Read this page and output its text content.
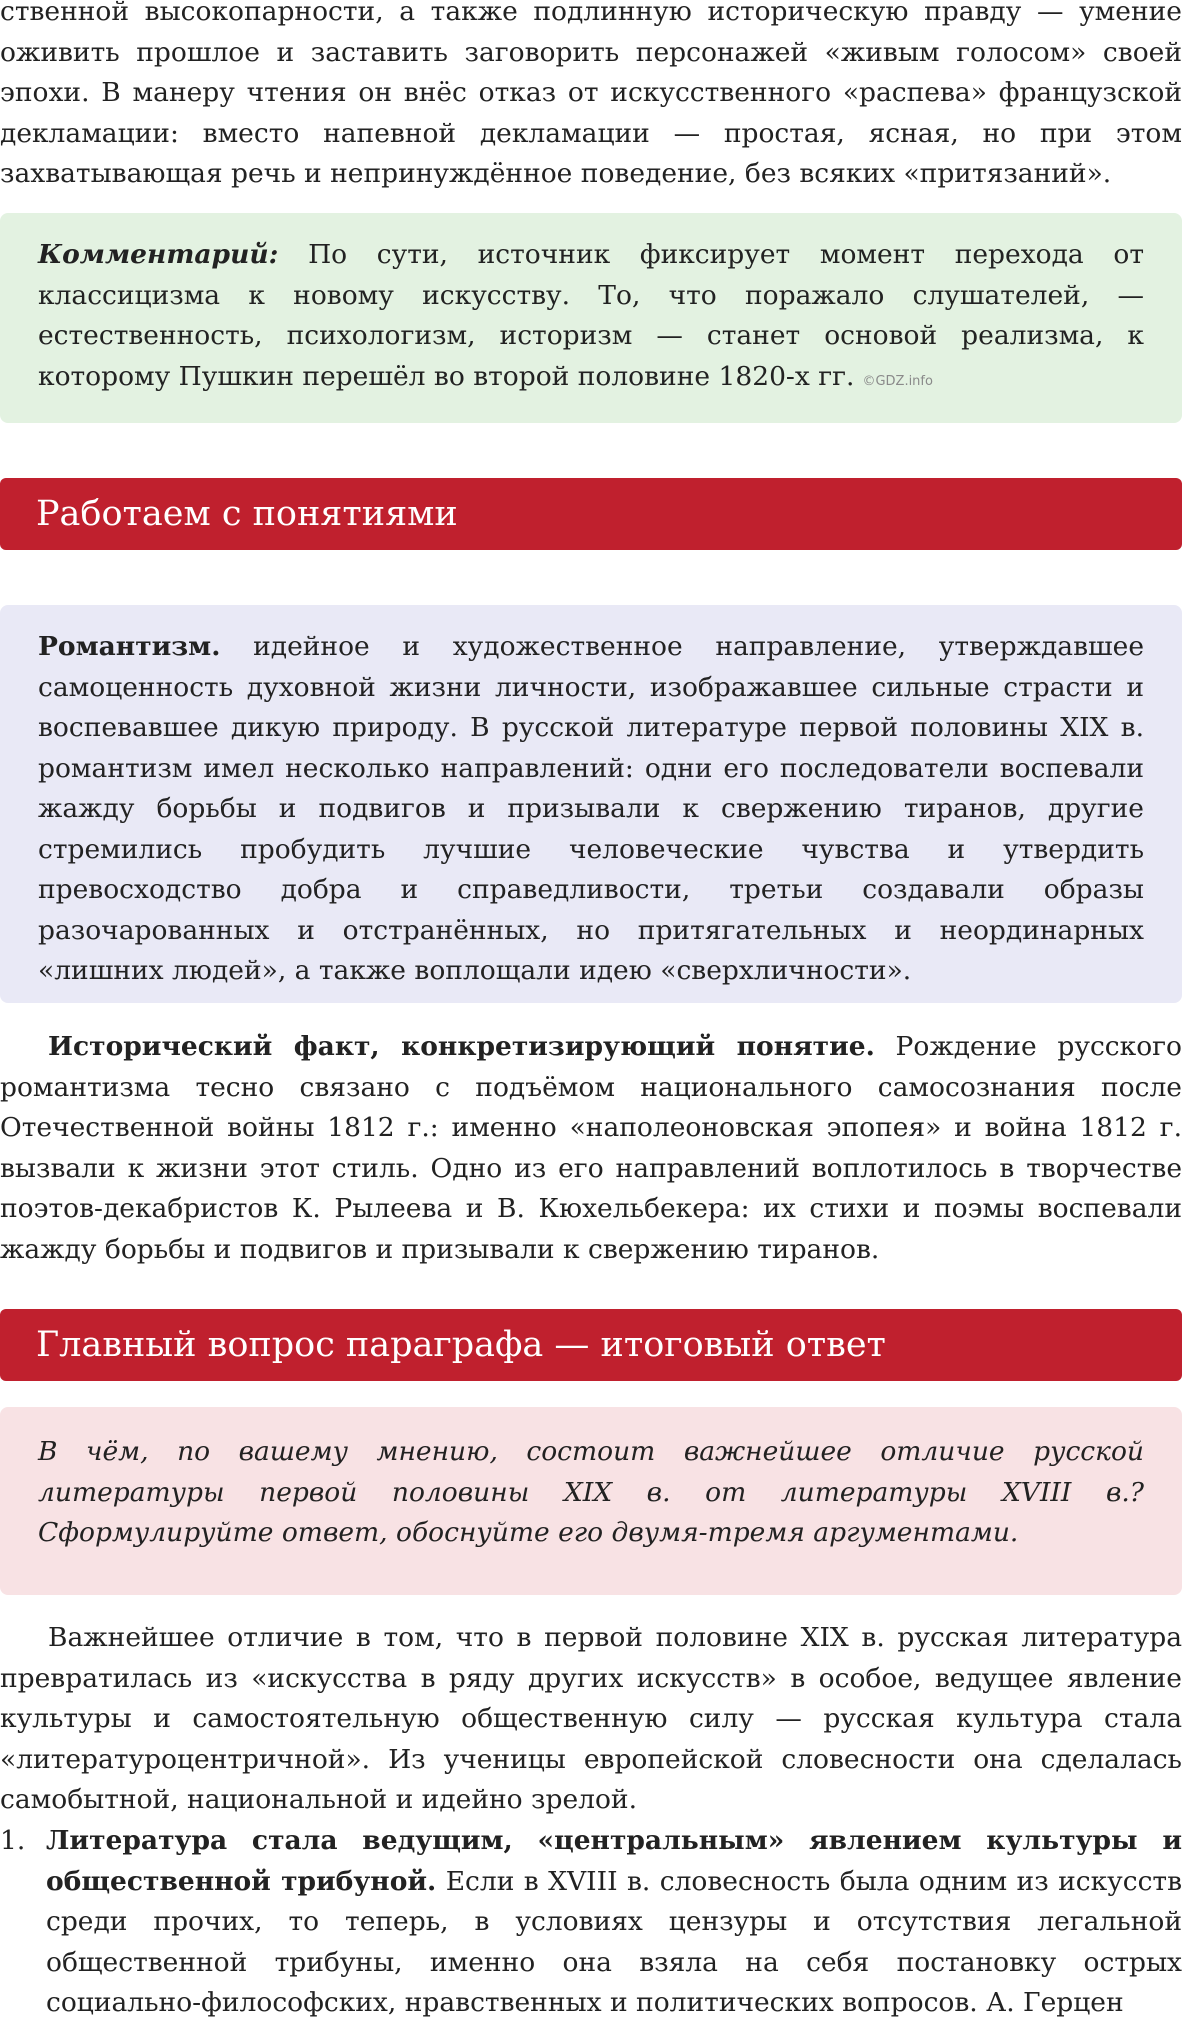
ственной высокопарности, а также подлинную историческую правду — умение оживить прошлое и заставить заговорить персонажей «живым голосом» своей эпохи. В манеру чтения он внёс отказ от искусственного «распева» французской декламации: вместо напевной декламации — простая, ясная, но при этом захватывающая речь и непринуждённое поведение, без всяких «притязаний».

Комментарий: По сути, источник фиксирует момент перехода от классицизма к новому искусству. То, что поражало слушателей, — естественность, психологизм, историзм — станет основой реализма, к которому Пушкин перешёл во второй половине 1820-х гг. ©GDZ.info

Работаем с понятиями

Романтизм. идейное и художественное направление, утверждавшее самоценность духовной жизни личности, изображавшее сильные страсти и воспевавшее дикую природу. В русской литературе первой половины XIX в. романтизм имел несколько направлений: одни его последователи воспевали жажду борьбы и подвигов и призывали к свержению тиранов, другие стремились пробудить лучшие человеческие чувства и утвердить превосходство добра и справедливости, третьи создавали образы разочарованных и отстранённых, но притягательных и неординарных «лишних людей», а также воплощали идею «сверхличности».

Исторический факт, конкретизирующий понятие. Рождение русского романтизма тесно связано с подъёмом национального самосознания после Отечественной войны 1812 г.: именно «наполеоновская эпопея» и война 1812 г. вызвали к жизни этот стиль. Одно из его направлений воплотилось в творчестве поэтов-декабристов К. Рылеева и В. Кюхельбекера: их стихи и поэмы воспевали жажду борьбы и подвигов и призывали к свержению тиранов.

Главный вопрос параграфа — итоговый ответ

В чём, по вашему мнению, состоит важнейшее отличие русской литературы первой половины XIX в. от литературы XVIII в.? Сформулируйте ответ, обоснуйте его двумя-тремя аргументами.

Важнейшее отличие в том, что в первой половине XIX в. русская литература превратилась из «искусства в ряду других искусств» в особое, ведущее явление культуры и самостоятельную общественную силу — русская культура стала «литературоцентричной». Из ученицы европейской словесности она сделалась самобытной, национальной и идейно зрелой.

1. Литература стала ведущим, «центральным» явлением культуры и общественной трибуной. Если в XVIII в. словесность была одним из искусств среди прочих, то теперь, в условиях цензуры и отсутствия легальной общественной трибуны, именно она взяла на себя постановку острых социально-философских, нравственных и политических вопросов. А. Герцен
